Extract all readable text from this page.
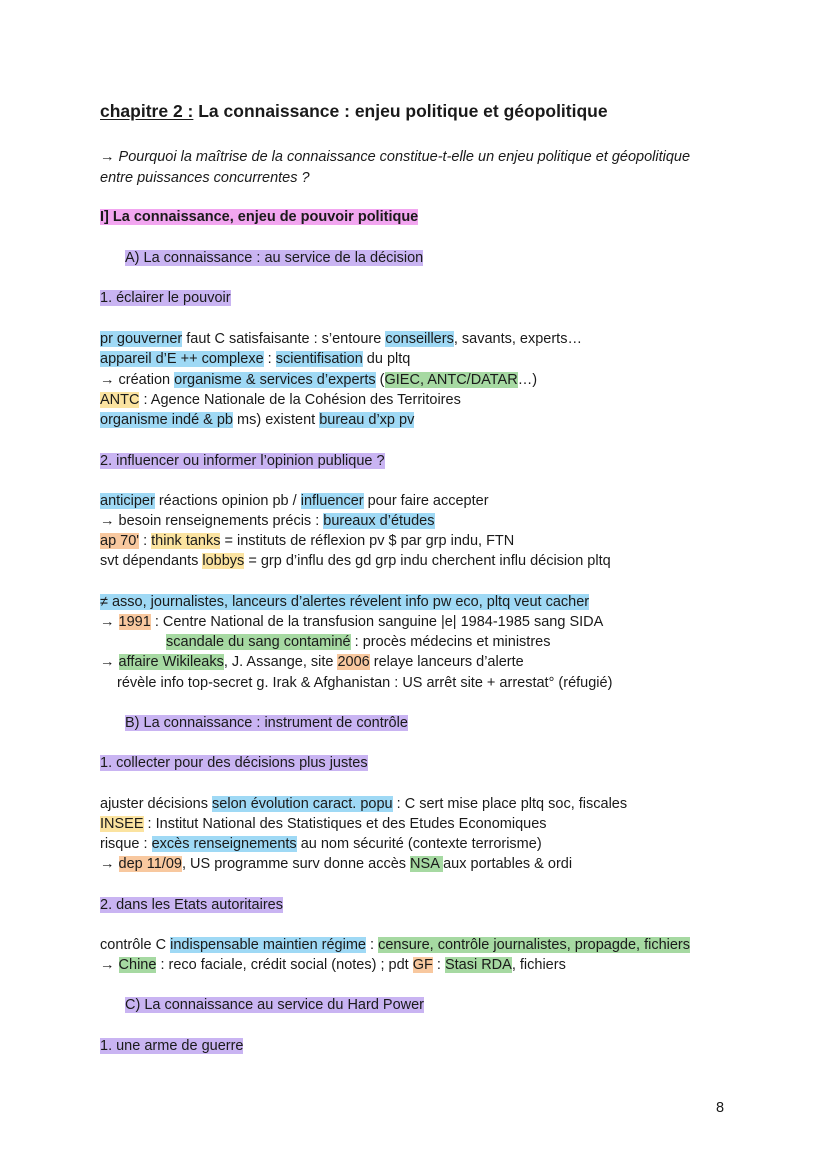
chapitre 2 : La connaissance : enjeu politique et géopolitique
→ Pourquoi la maîtrise de la connaissance constitue-t-elle un enjeu politique et géopolitique
entre puissances concurrentes ?
I] La connaissance, enjeu de pouvoir politique
A) La connaissance : au service de la décision
1. éclairer le pouvoir
pr gouverner faut C satisfaisante : s’entoure conseillers, savants, experts…
appareil d’E ++ complexe : scientifisation du pltq
→ création organisme & services d’experts (GIEC, ANTC/DATAR…)
ANTC : Agence Nationale de la Cohésion des Territoires
organisme indé & pb ms) existent bureau d’xp pv
2. influencer ou informer l’opinion publique ?
anticiper réactions opinion pb / influencer pour faire accepter
→ besoin renseignements précis : bureaux d’études
ap 70' : think tanks = instituts de réflexion pv $ par grp indu, FTN
svt dépendants lobbys = grp d’influ des gd grp indu cherchent influ décision pltq
≠ asso, journalistes, lanceurs d’alertes révelent info pw eco, pltq veut cacher
→ 1991 : Centre National de la transfusion sanguine |e| 1984-1985 sang SIDA
scandale du sang contaminé : procès médecins et ministres
→ affaire Wikileaks, J. Assange, site 2006 relaye lanceurs d’alerte
révèle info top-secret g. Irak & Afghanistan : US arrêt site + arrestat° (réfugié)
B) La connaissance : instrument de contrôle
1. collecter pour des décisions plus justes
ajuster décisions selon évolution caract. popu : C sert mise place pltq soc, fiscales
INSEE : Institut National des Statistiques et des Etudes Economiques
risque : excès renseignements au nom sécurité (contexte terrorisme)
→ dep 11/09, US programme surv donne accès NSA aux portables & ordi
2. dans les Etats autoritaires
contrôle C indispensable maintien régime : censure, contrôle journalistes, propagde, fichiers
→ Chine : reco faciale, crédit social (notes) ; pdt GF : Stasi RDA, fichiers
C) La connaissance au service du Hard Power
1. une arme de guerre
8
